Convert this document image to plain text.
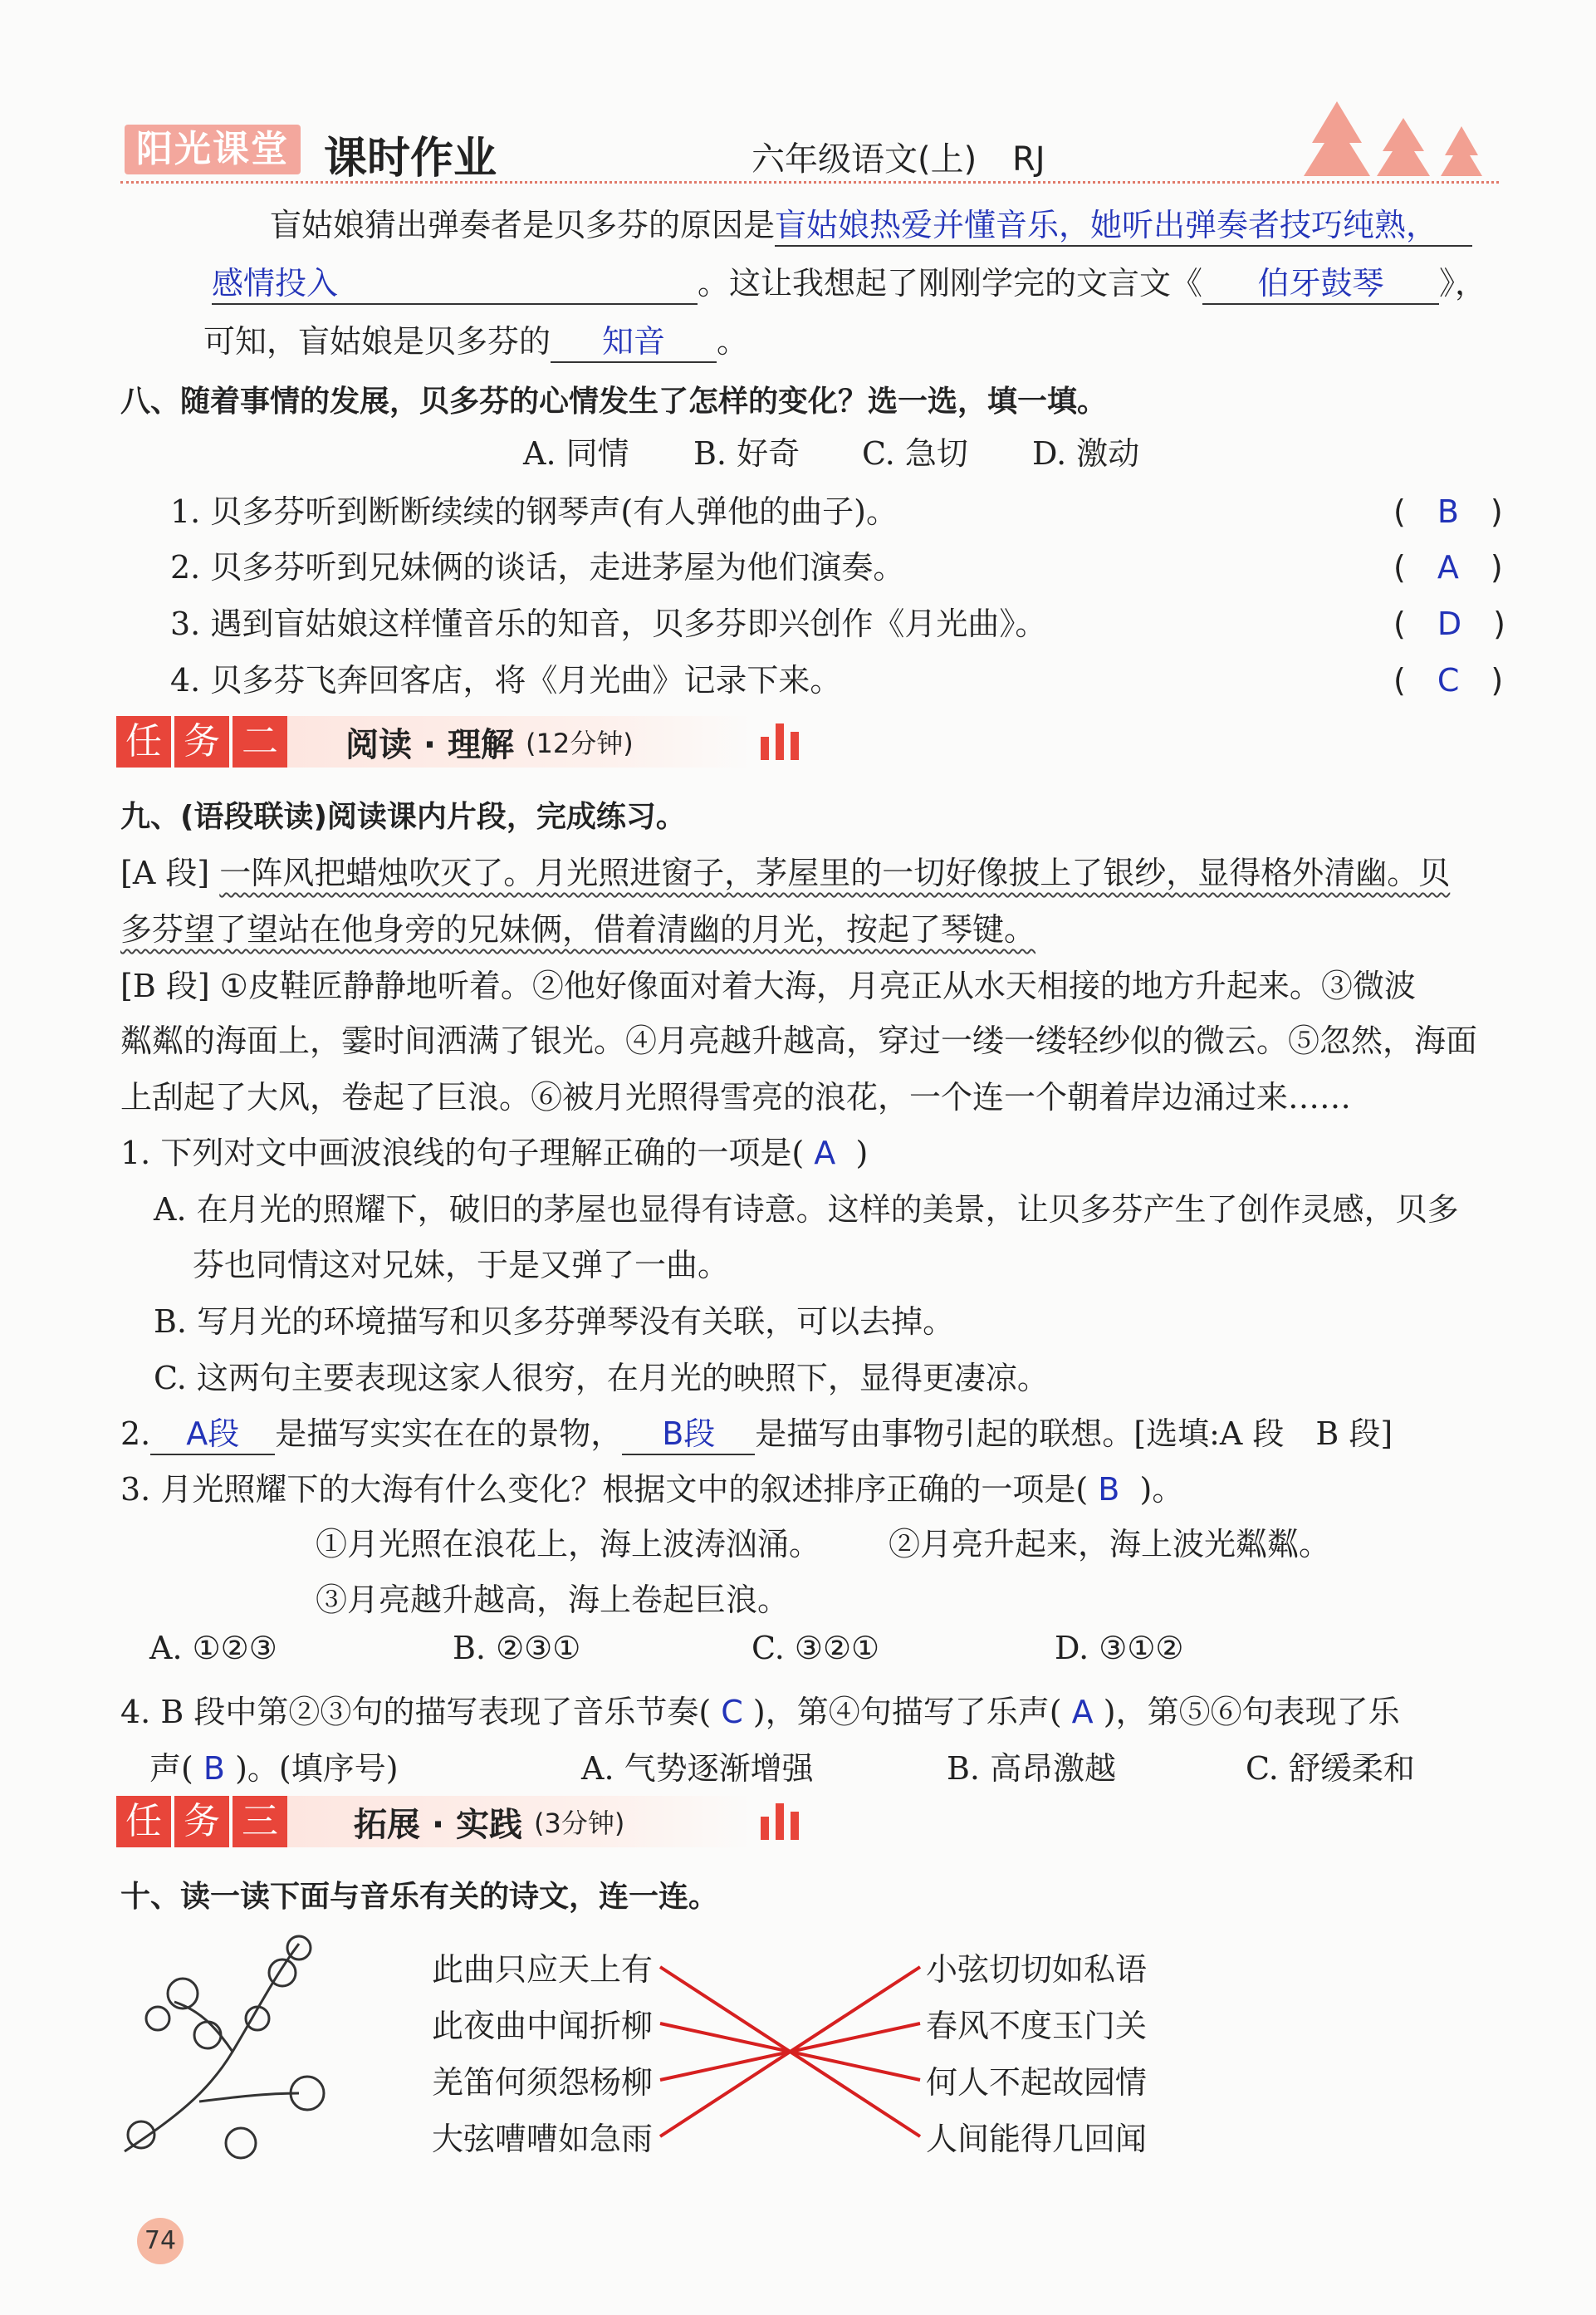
阳光课堂 课时作业	六年级语文(上) RJ
盲姑娘猜出弹奏者是贝多芬的原因是盲姑娘热爱并懂音乐，她听出弹奏者技巧纯熟，
感情投入	。这让我想起了刚刚学完的文言文《 伯牙鼓琴 》，
可知，盲姑娘是贝多芬的 知音 。
八、随着事情的发展，贝多芬的心情发生了怎样的变化？选一选，填一填。
A. 同情 B. 好奇 C. 急切 D. 激动
1. 贝多芬听到断断续续的钢琴声(有人弹他的曲子)。	(　B　)
2. 贝多芬听到兄妹俩的谈话，走进茅屋为他们演奏。	(　A　)
3. 遇到盲姑娘这样懂音乐的知音，贝多芬即兴创作《月光曲》。	(　D　)
4. 贝多芬飞奔回客店，将《月光曲》记录下来。	(　C　)
任 务 二 阅读 · 理解 (12分钟)
九、(语段联读)阅读课内片段，完成练习。
[A 段] 一阵风把蜡烛吹灭了。月光照进窗子，茅屋里的一切好像披上了银纱，显得格外清幽。贝
多芬望了望站在他身旁的兄妹俩，借着清幽的月光，按起了琴键。
[B 段] ①皮鞋匠静静地听着。②他好像面对着大海，月亮正从水天相接的地方升起来。③微波
粼粼的海面上，霎时间洒满了银光。④月亮越升越高，穿过一缕一缕轻纱似的微云。⑤忽然，海面
上刮起了大风，卷起了巨浪。⑥被月光照得雪亮的浪花，一个连一个朝着岸边涌过来……
1. 下列对文中画波浪线的句子理解正确的一项是( A )
A. 在月光的照耀下，破旧的茅屋也显得有诗意。这样的美景，让贝多芬产生了创作灵感，贝多
芬也同情这对兄妹，于是又弹了一曲。
B. 写月光的环境描写和贝多芬弹琴没有关联，可以去掉。
C. 这两句主要表现这家人很穷，在月光的映照下，显得更凄凉。
2. A段 是描写实实在在的景物， B段 是描写由事物引起的联想。[选填:A 段　B 段]
3. 月光照耀下的大海有什么变化？根据文中的叙述排序正确的一项是( B )。
①月光照在浪花上，海上波涛汹涌。 ②月亮升起来，海上波光粼粼。
③月亮越升越高，海上卷起巨浪。
A. ①②③	B. ②③①	C. ③②①	D. ③①②
4. B 段中第②③句的描写表现了音乐节奏( C )，第④句描写了乐声( A )，第⑤⑥句表现了乐
声( B )。(填序号)	A. 气势逐渐增强	B. 高昂激越	C. 舒缓柔和
任 务 三 拓展 · 实践 (3分钟)
十、读一读下面与音乐有关的诗文，连一连。
此曲只应天上有
此夜曲中闻折柳
羌笛何须怨杨柳
大弦嘈嘈如急雨
小弦切切如私语
春风不度玉门关
何人不起故园情
人间能得几回闻
74
